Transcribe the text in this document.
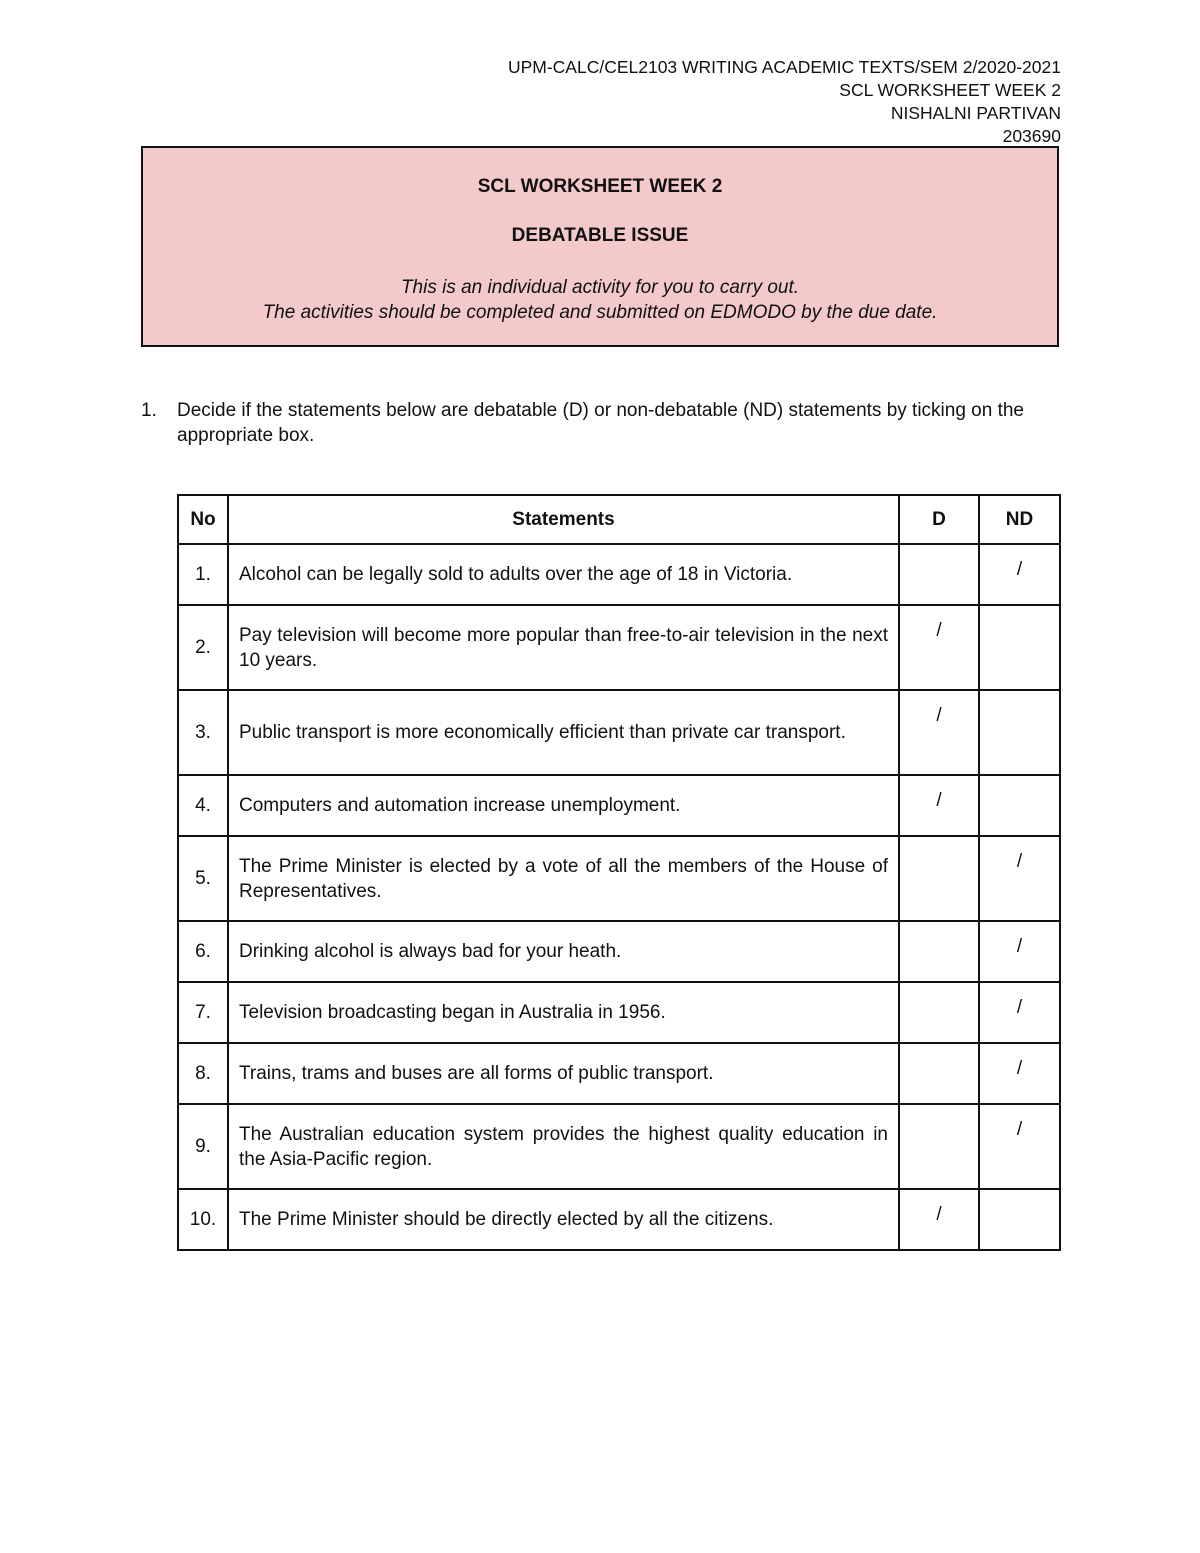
UPM-CALC/CEL2103 WRITING ACADEMIC TEXTS/SEM 2/2020-2021
SCL WORKSHEET WEEK 2
NISHALNI PARTIVAN
203690
SCL WORKSHEET WEEK 2
DEBATABLE ISSUE
This is an individual activity for you to carry out.
The activities should be completed and submitted on EDMODO by the due date.
1.	Decide if the statements below are debatable (D) or non-debatable (ND) statements by ticking on the appropriate box.
No	Statements	D	ND
1.	Alcohol can be legally sold to adults over the age of 18 in Victoria.		/
2.	Pay television will become more popular than free-to-air television in the next 10 years.	/	
3.	Public transport is more economically efficient than private car transport.	/	
4.	Computers and automation increase unemployment.	/	
5.	The Prime Minister is elected by a vote of all the members of the House of Representatives.		/
6.	Drinking alcohol is always bad for your heath.		/
7.	Television broadcasting began in Australia in 1956.		/
8.	Trains, trams and buses are all forms of public transport.		/
9.	The Australian education system provides the highest quality education in the Asia-Pacific region.		/
10.	The Prime Minister should be directly elected by all the citizens.	/	
